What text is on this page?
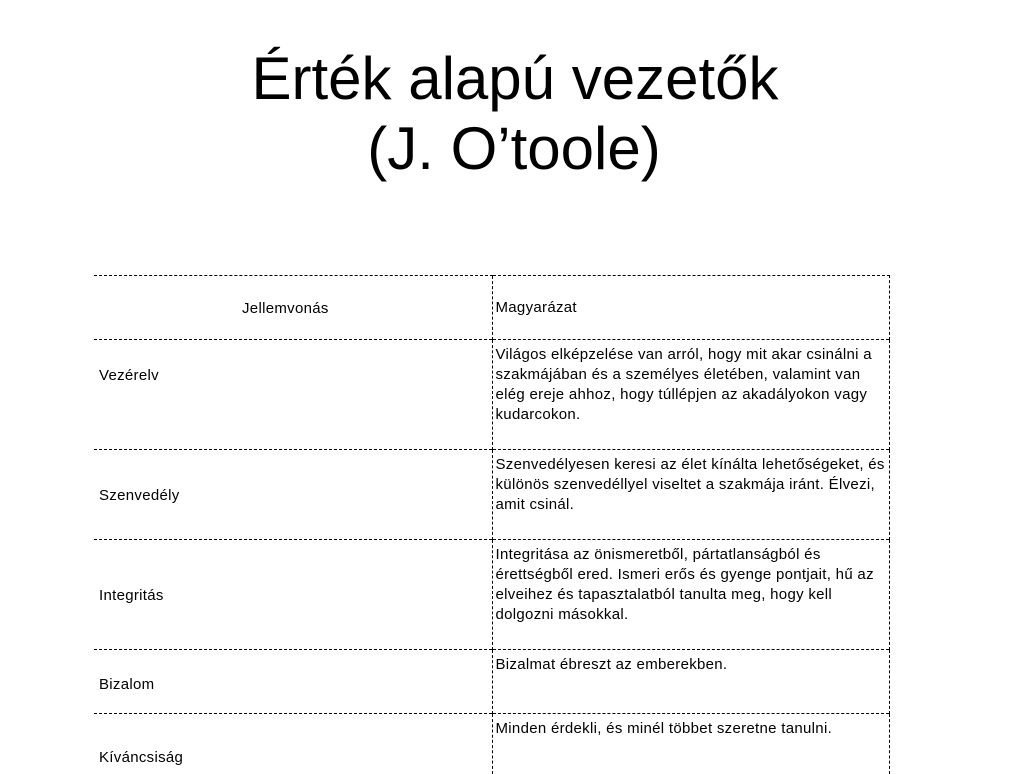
Érték alapú vezetők
(J. O’toole)
Jellemvonás	Magyarázat
Vezérelv	Világos elképzelése van arról, hogy mit akar csinálni a szakmájában és a személyes életében, valamint van elég ereje ahhoz, hogy túllépjen az akadályokon vagy kudarcokon.
Szenvedély	Szenvedélyesen keresi az élet kínálta lehetőségeket, és különös szenvedéllyel viseltet a szakmája iránt. Élvezi, amit csinál.
Integritás	Integritása az önismeretből, pártatlanságból és érettségből ered. Ismeri erős és gyenge pontjait, hű az elveihez és tapasztalatból tanulta meg, hogy kell dolgozni másokkal.
Bizalom	Bizalmat ébreszt az emberekben.
Kíváncsiság	Minden érdekli, és minél többet szeretne tanulni.
